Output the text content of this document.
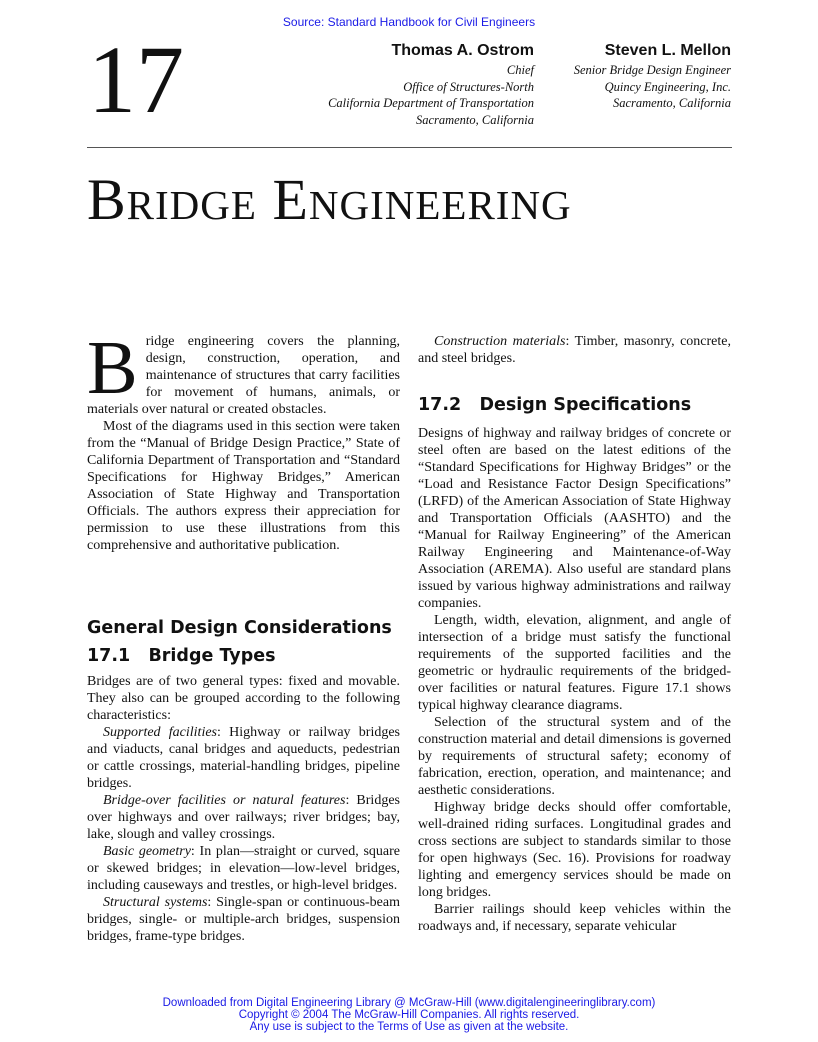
Source: Standard Handbook for Civil Engineers
17	Thomas A. Ostrom
Chief
Office of Structures-North
California Department of Transportation
Sacramento, California
Steven L. Mellon
Senior Bridge Design Engineer
Quincy Engineering, Inc.
Sacramento, California
Bridge Engineering

Bridge engineering covers the planning, design, construction, operation, and maintenance of structures that carry facilities for movement of humans, animals, or materials over natural or created obstacles.

Most of the diagrams used in this section were taken from the “Manual of Bridge Design Practice,” State of California Department of Transportation and “Standard Specifications for Highway Bridges,” American Association of State Highway and Transportation Officials. The authors express their appreciation for permission to use these illustrations from this comprehensive and authoritative publication.

General Design Considerations
17.1   Bridge Types

Bridges are of two general types: fixed and movable. They also can be grouped according to the following characteristics:

Supported facilities: Highway or railway bridges and viaducts, canal bridges and aqueducts, pedestrian or cattle crossings, material-handling bridges, pipeline bridges.

Bridge-over facilities or natural features: Bridges over highways and over railways; river bridges; bay, lake, slough and valley crossings.

Basic geometry: In plan—straight or curved, square or skewed bridges; in elevation—low-level bridges, including causeways and trestles, or high-level bridges.

Structural systems: Single-span or continuous-beam bridges, single- or multiple-arch bridges, suspension bridges, frame-type bridges.

Construction materials: Timber, masonry, concrete, and steel bridges.

17.2   Design Specifications

Designs of highway and railway bridges of concrete or steel often are based on the latest editions of the “Standard Specifications for Highway Bridges” or the “Load and Resistance Factor Design Specifications” (LRFD) of the American Association of State Highway and Transportation Officials (AASHTO) and the “Manual for Railway Engineering” of the American Railway Engineering and Maintenance-of-Way Association (AREMA). Also useful are standard plans issued by various highway administrations and railway companies.

Length, width, elevation, alignment, and angle of intersection of a bridge must satisfy the functional requirements of the supported facilities and the geometric or hydraulic requirements of the bridged-over facilities or natural features. Figure 17.1 shows typical highway clearance diagrams.

Selection of the structural system and of the construction material and detail dimensions is governed by requirements of structural safety; economy of fabrication, erection, operation, and maintenance; and aesthetic considerations.

Highway bridge decks should offer comfortable, well-drained riding surfaces. Longitudinal grades and cross sections are subject to standards similar to those for open highways (Sec. 16). Provisions for roadway lighting and emergency services should be made on long bridges.

Barrier railings should keep vehicles within the roadways and, if necessary, separate vehicular

Downloaded from Digital Engineering Library @ McGraw-Hill (www.digitalengineeringlibrary.com)
Copyright © 2004 The McGraw-Hill Companies. All rights reserved.
Any use is subject to the Terms of Use as given at the website.
